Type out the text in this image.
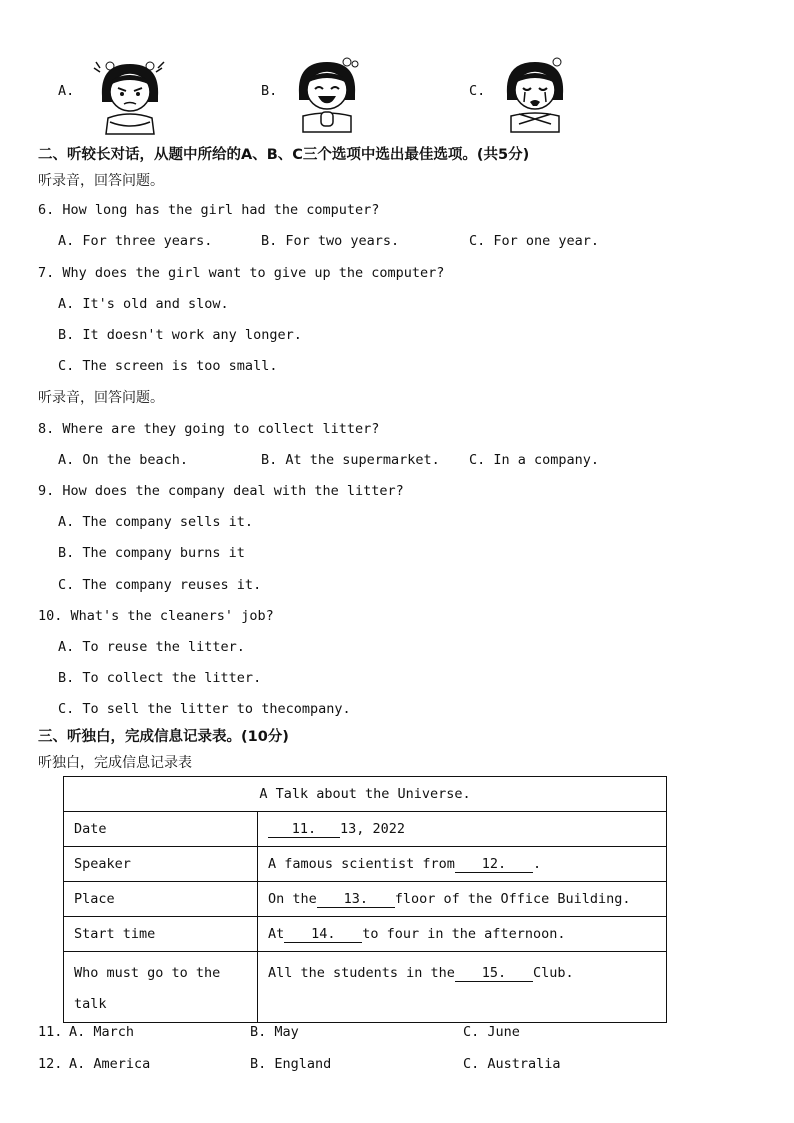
A.	B.	C.
二、听较长对话，从题中所给的A、B、C三个选项中选出最佳选项。(共5分)
听录音，回答问题。
6. How long has the girl had the computer?
A. For three years.	B. For two years.	C. For one year.
7. Why does the girl want to give up the computer?
A. It's old and slow.
B. It doesn't work any longer.
C. The screen is too small.
听录音，回答问题。
8. Where are they going to collect litter?
A. On the beach.	B. At the supermarket. C. In a company.
9. How does the company deal with the litter?
A. The company sells it.
B. The company burns it
C. The company reuses it.
10. What's the cleaners' job?
A. To reuse the litter.
B. To collect the litter.
C. To sell the litter to thecompany.
三、听独白，完成信息记录表。(10分)
听独白，完成信息记录表
A Talk about the Universe.	
Date	11. 13, 2022
Speaker	A famous scientist from 12. .
Place	On the 13. floor of the Office Building.
Start time	At 14. to four in the afternoon.
Who must go to the talk	All the students in the 15. Club.
11. A. March	B. May	C. June
12. A. America	B. England	C. Australia
